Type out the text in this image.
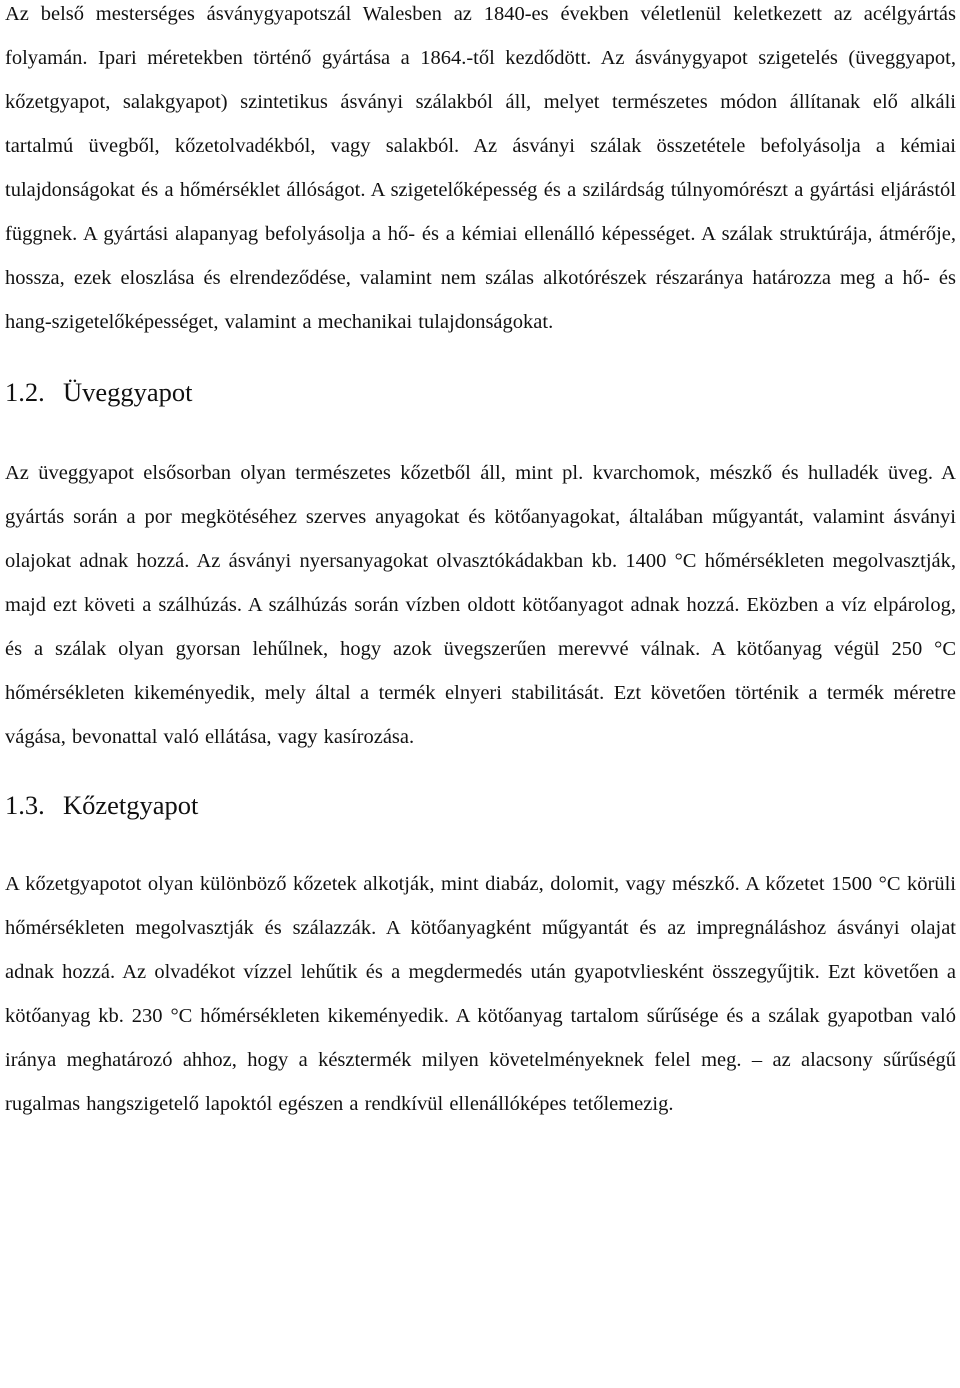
Az belső mesterséges ásványgyapotszál Walesben az 1840-es években véletlenül keletkezett az acélgyártás folyamán. Ipari méretekben történő gyártása a 1864.-től kezdődött. Az ásványgyapot szigetelés (üveggyapot, kőzetgyapot, salakgyapot) szintetikus ásványi szálakból áll, melyet természetes módon állítanak elő alkáli tartalmú üvegből, kőzetolvadékból, vagy salakból. Az ásványi szálak összetétele befolyásolja a kémiai tulajdonságokat és a hőmérséklet állóságot. A szigetelőképesség és a szilárdság túlnyomórészt a gyártási eljárástól függnek. A gyártási alapanyag befolyásolja a hő- és a kémiai ellenálló képességet. A szálak struktúrája, átmérője, hossza, ezek eloszlása és elrendeződése, valamint nem szálas alkotórészek részaránya határozza meg a hő- és hang-szigetelőképességet, valamint a mechanikai tulajdonságokat.

1.2. Üveggyapot

Az üveggyapot elsősorban olyan természetes kőzetből áll, mint pl. kvarchomok, mészkő és hulladék üveg. A gyártás során a por megkötéséhez szerves anyagokat és kötőanyagokat, általában műgyantát, valamint ásványi olajokat adnak hozzá. Az ásványi nyersanyagokat olvasztókádakban kb. 1400 °C hőmérsékleten megolvasztják, majd ezt követi a szálhúzás. A szálhúzás során vízben oldott kötőanyagot adnak hozzá. Eközben a víz elpárolog, és a szálak olyan gyorsan lehűlnek, hogy azok üvegszerűen merevvé válnak. A kötőanyag végül 250 °C hőmérsékleten kikeményedik, mely által a termék elnyeri stabilitását. Ezt követően történik a termék méretre vágása, bevonattal való ellátása, vagy kasírozása.

1.3. Kőzetgyapot

A kőzetgyapotot olyan különböző kőzetek alkotják, mint diabáz, dolomit, vagy mészkő. A kőzetet 1500 °C körüli hőmérsékleten megolvasztják és szálazzák. A kötőanyagként műgyantát és az impregnáláshoz ásványi olajat adnak hozzá. Az olvadékot vízzel lehűtik és a megdermedés után gyapotvliesként összegyűjtik. Ezt követően a kötőanyag kb. 230 °C hőmérsékleten kikeményedik. A kötőanyag tartalom sűrűsége és a szálak gyapotban való iránya meghatározó ahhoz, hogy a késztermék milyen követelményeknek felel meg. – az alacsony sűrűségű rugalmas hangszigetelő lapoktól egészen a rendkívül ellenállóképes tetőlemezig.
